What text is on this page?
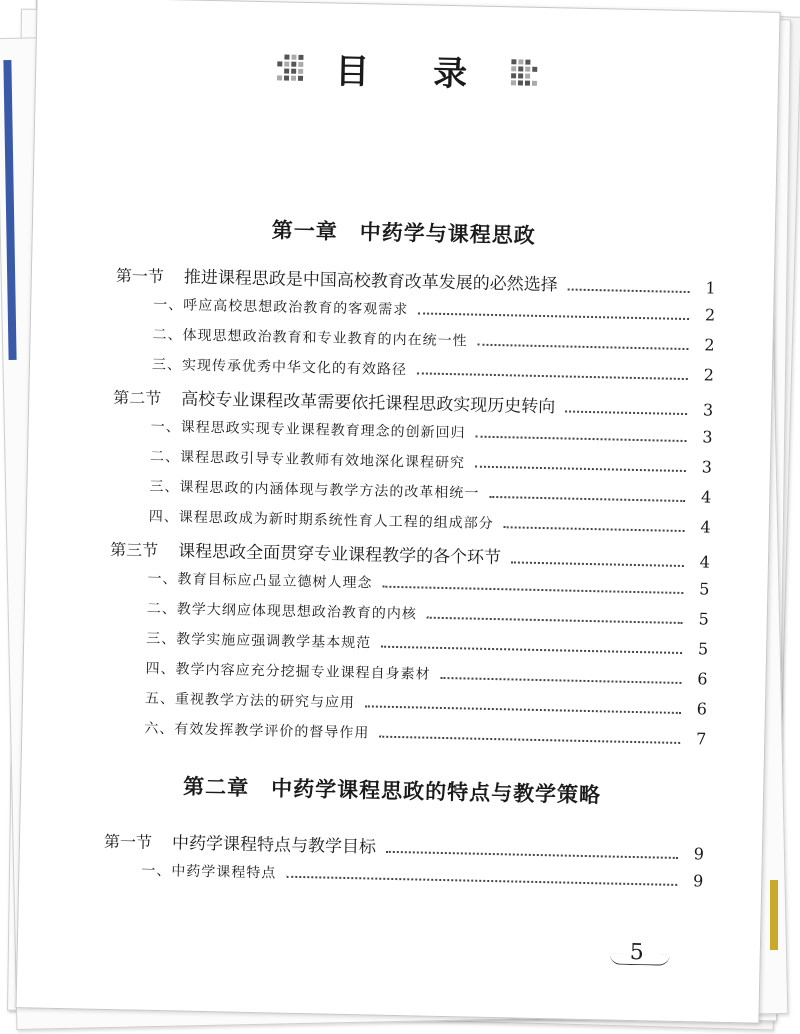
目 录
第一章 中药学与课程思政
第一节 推进课程思政是中国高校教育改革发展的必然选择	1
一、呼应高校思想政治教育的客观需求	2
二、体现思想政治教育和专业教育的内在统一性	2
三、实现传承优秀中华文化的有效路径	2
第二节 高校专业课程改革需要依托课程思政实现历史转向	3
一、课程思政实现专业课程教育理念的创新回归	3
二、课程思政引导专业教师有效地深化课程研究	3
三、课程思政的内涵体现与教学方法的改革相统一	4
四、课程思政成为新时期系统性育人工程的组成部分	4
第三节 课程思政全面贯穿专业课程教学的各个环节	4
一、教育目标应凸显立德树人理念	5
二、教学大纲应体现思想政治教育的内核	5
三、教学实施应强调教学基本规范	5
四、教学内容应充分挖掘专业课程自身素材	6
五、重视教学方法的研究与应用	6
六、有效发挥教学评价的督导作用	7
第二章 中药学课程思政的特点与教学策略
第一节 中药学课程特点与教学目标	9
一、中药学课程特点	9
5
